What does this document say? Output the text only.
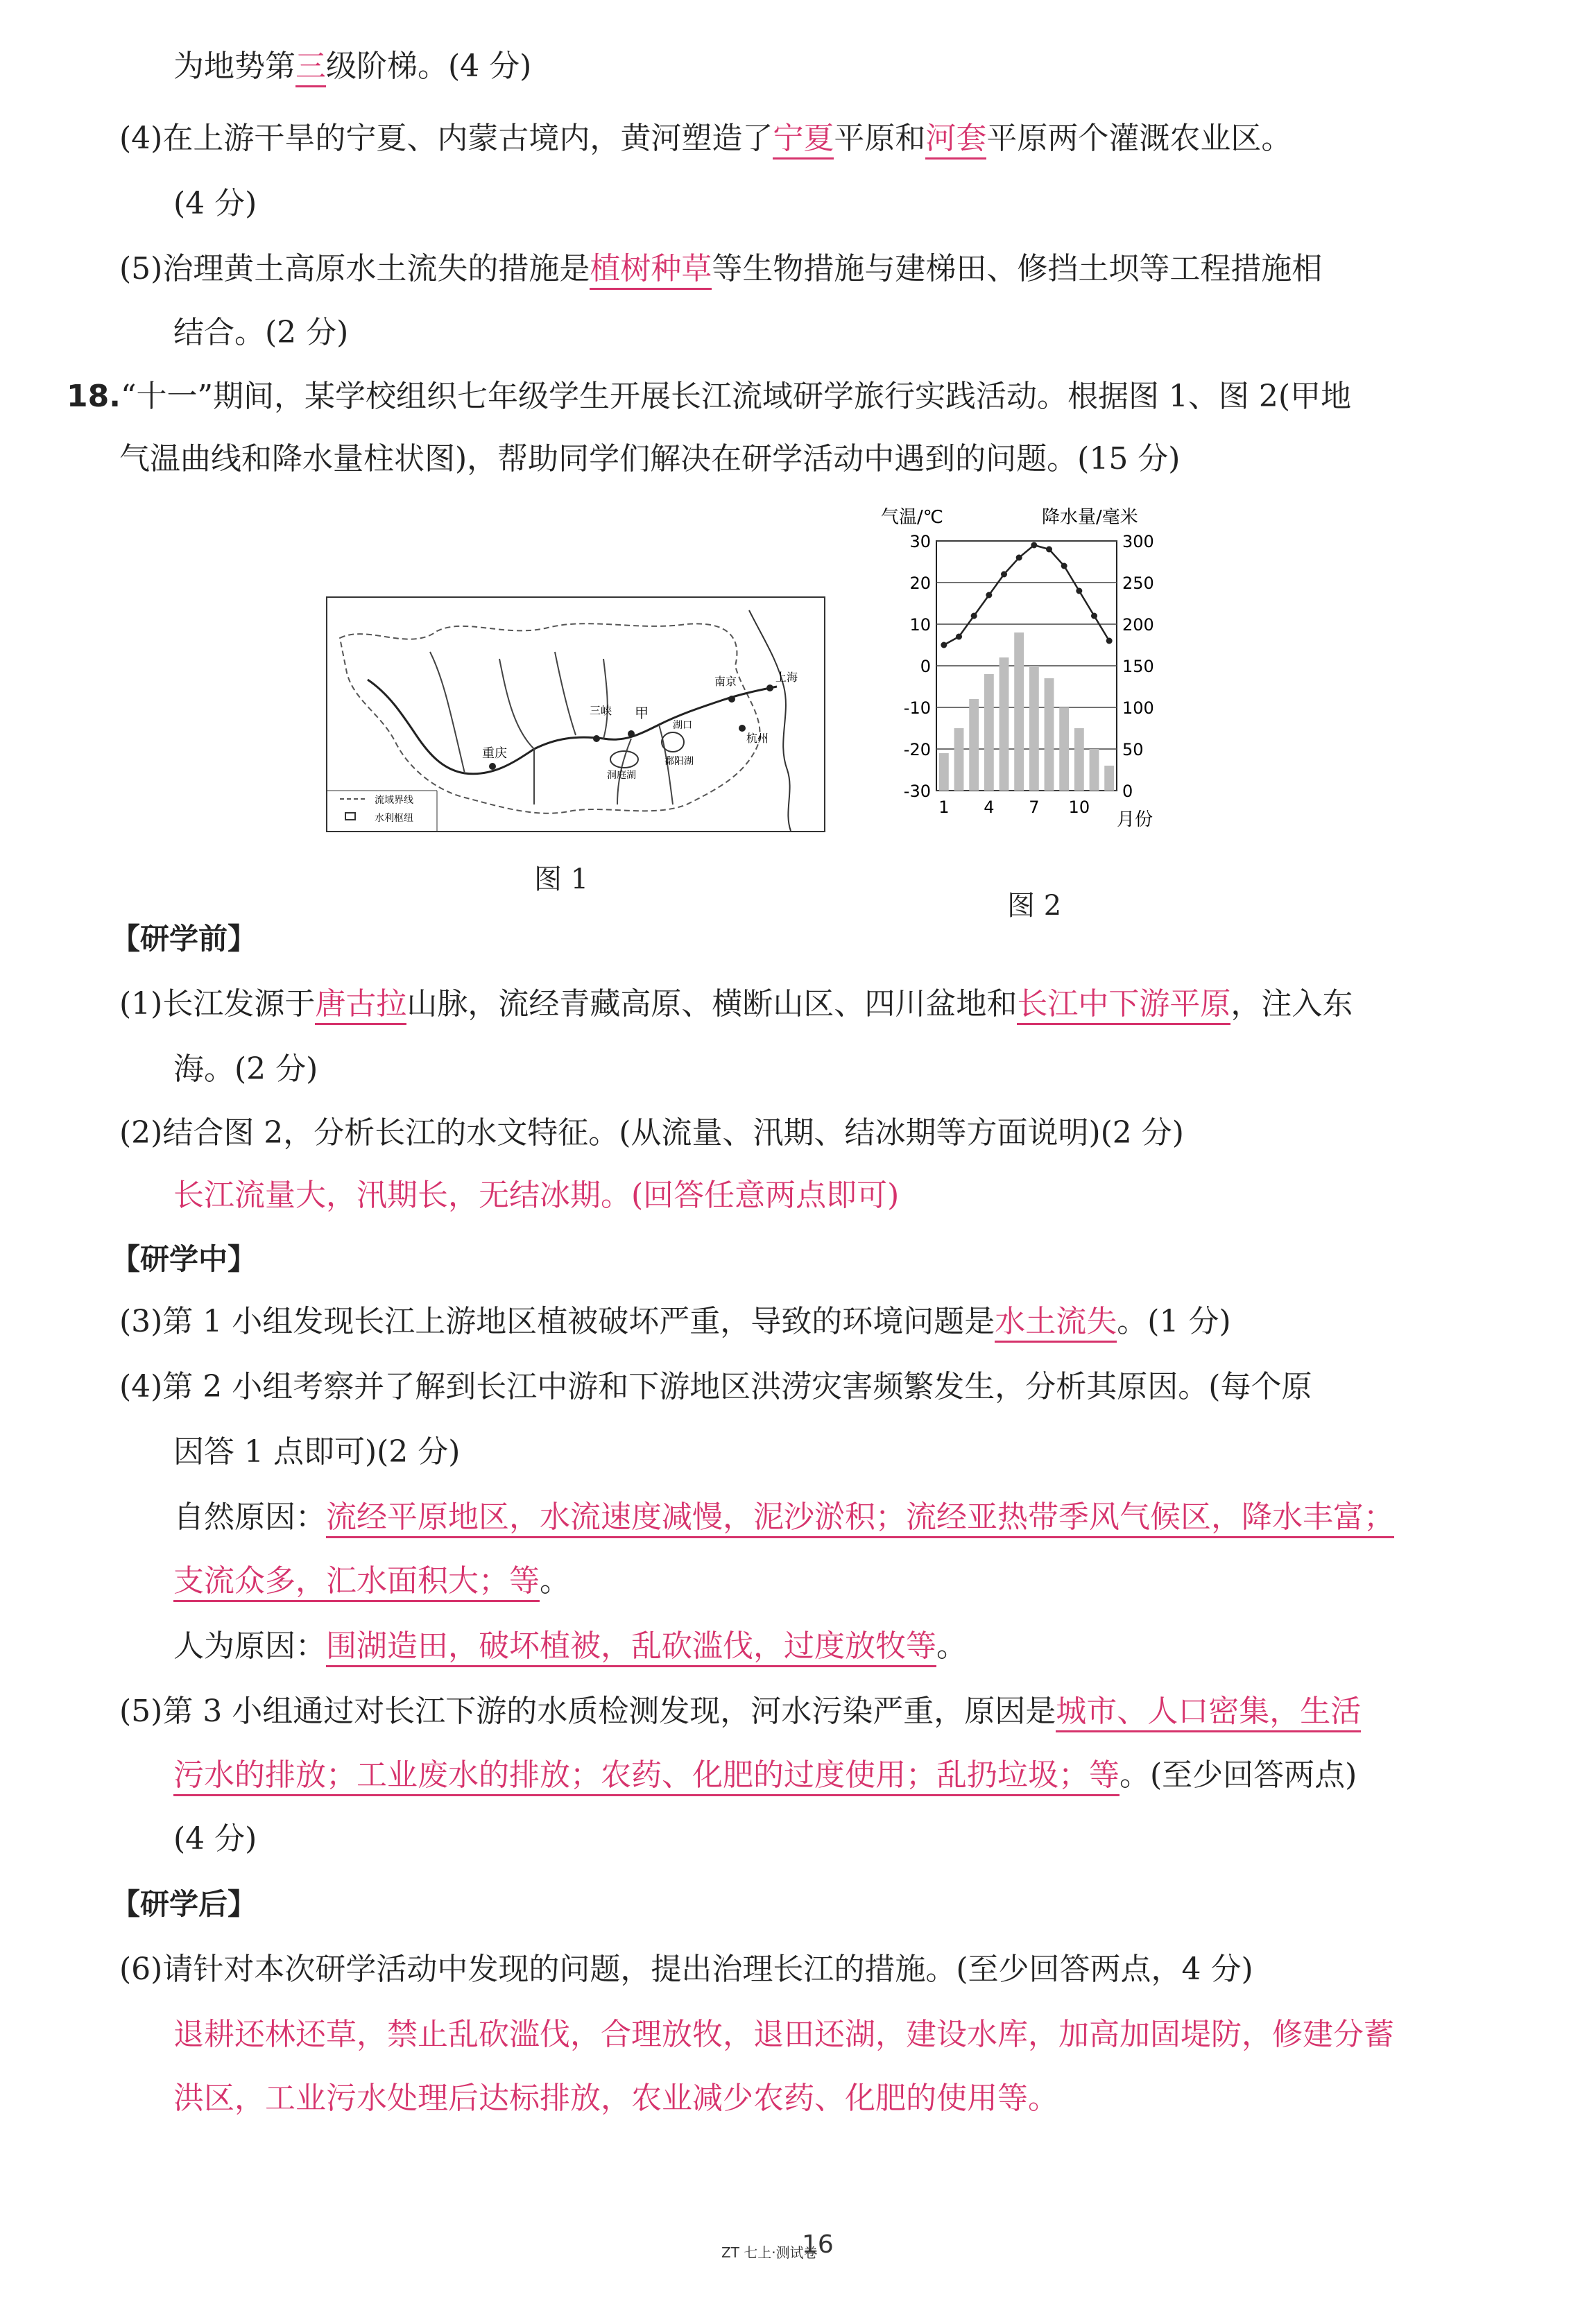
为地势第三级阶梯。(4 分)
(4)在上游干旱的宁夏、内蒙古境内，黄河塑造了宁夏平原和河套平原两个灌溉农业区。
(4 分)
(5)治理黄土高原水土流失的措施是植树种草等生物措施与建梯田、修挡土坝等工程措施相
结合。(2 分)
18.“十一”期间，某学校组织七年级学生开展长江流域研学旅行实践活动。根据图 1、图 2(甲地
气温曲线和降水量柱状图)，帮助同学们解决在研学活动中遇到的问题。(15 分)
重庆
三峡 甲
南京	上海
杭州
湖口
洞庭湖
鄱阳湖
流域界线
水利枢纽
图 1
气温/℃	降水量/毫米
30
20
10
0
-10
-20
-30
300
250
200
150
100
50
0
1 4 7 10
月份
图 2
【研学前】
(1)长江发源于唐古拉山脉，流经青藏高原、横断山区、四川盆地和长江中下游平原，注入东
海。(2 分)
(2)结合图 2，分析长江的水文特征。(从流量、汛期、结冰期等方面说明)(2 分)
长江流量大，汛期长，无结冰期。(回答任意两点即可)
【研学中】
(3)第 1 小组发现长江上游地区植被破坏严重，导致的环境问题是水土流失。(1 分)
(4)第 2 小组考察并了解到长江中游和下游地区洪涝灾害频繁发生，分析其原因。(每个原
因答 1 点即可)(2 分)
自然原因：流经平原地区，水流速度减慢，泥沙淤积；流经亚热带季风气候区，降水丰富；
支流众多，汇水面积大；等。
人为原因：围湖造田，破坏植被，乱砍滥伐，过度放牧等。
(5)第 3 小组通过对长江下游的水质检测发现，河水污染严重，原因是城市、人口密集，生活
污水的排放；工业废水的排放；农药、化肥的过度使用；乱扔垃圾；等。(至少回答两点)
(4 分)
【研学后】
(6)请针对本次研学活动中发现的问题，提出治理长江的措施。(至少回答两点，4 分)
退耕还林还草，禁止乱砍滥伐，合理放牧，退田还湖，建设水库，加高加固堤防，修建分蓄
洪区，工业污水处理后达标排放，农业减少农药、化肥的使用等。
ZT 七上·测试卷
16
